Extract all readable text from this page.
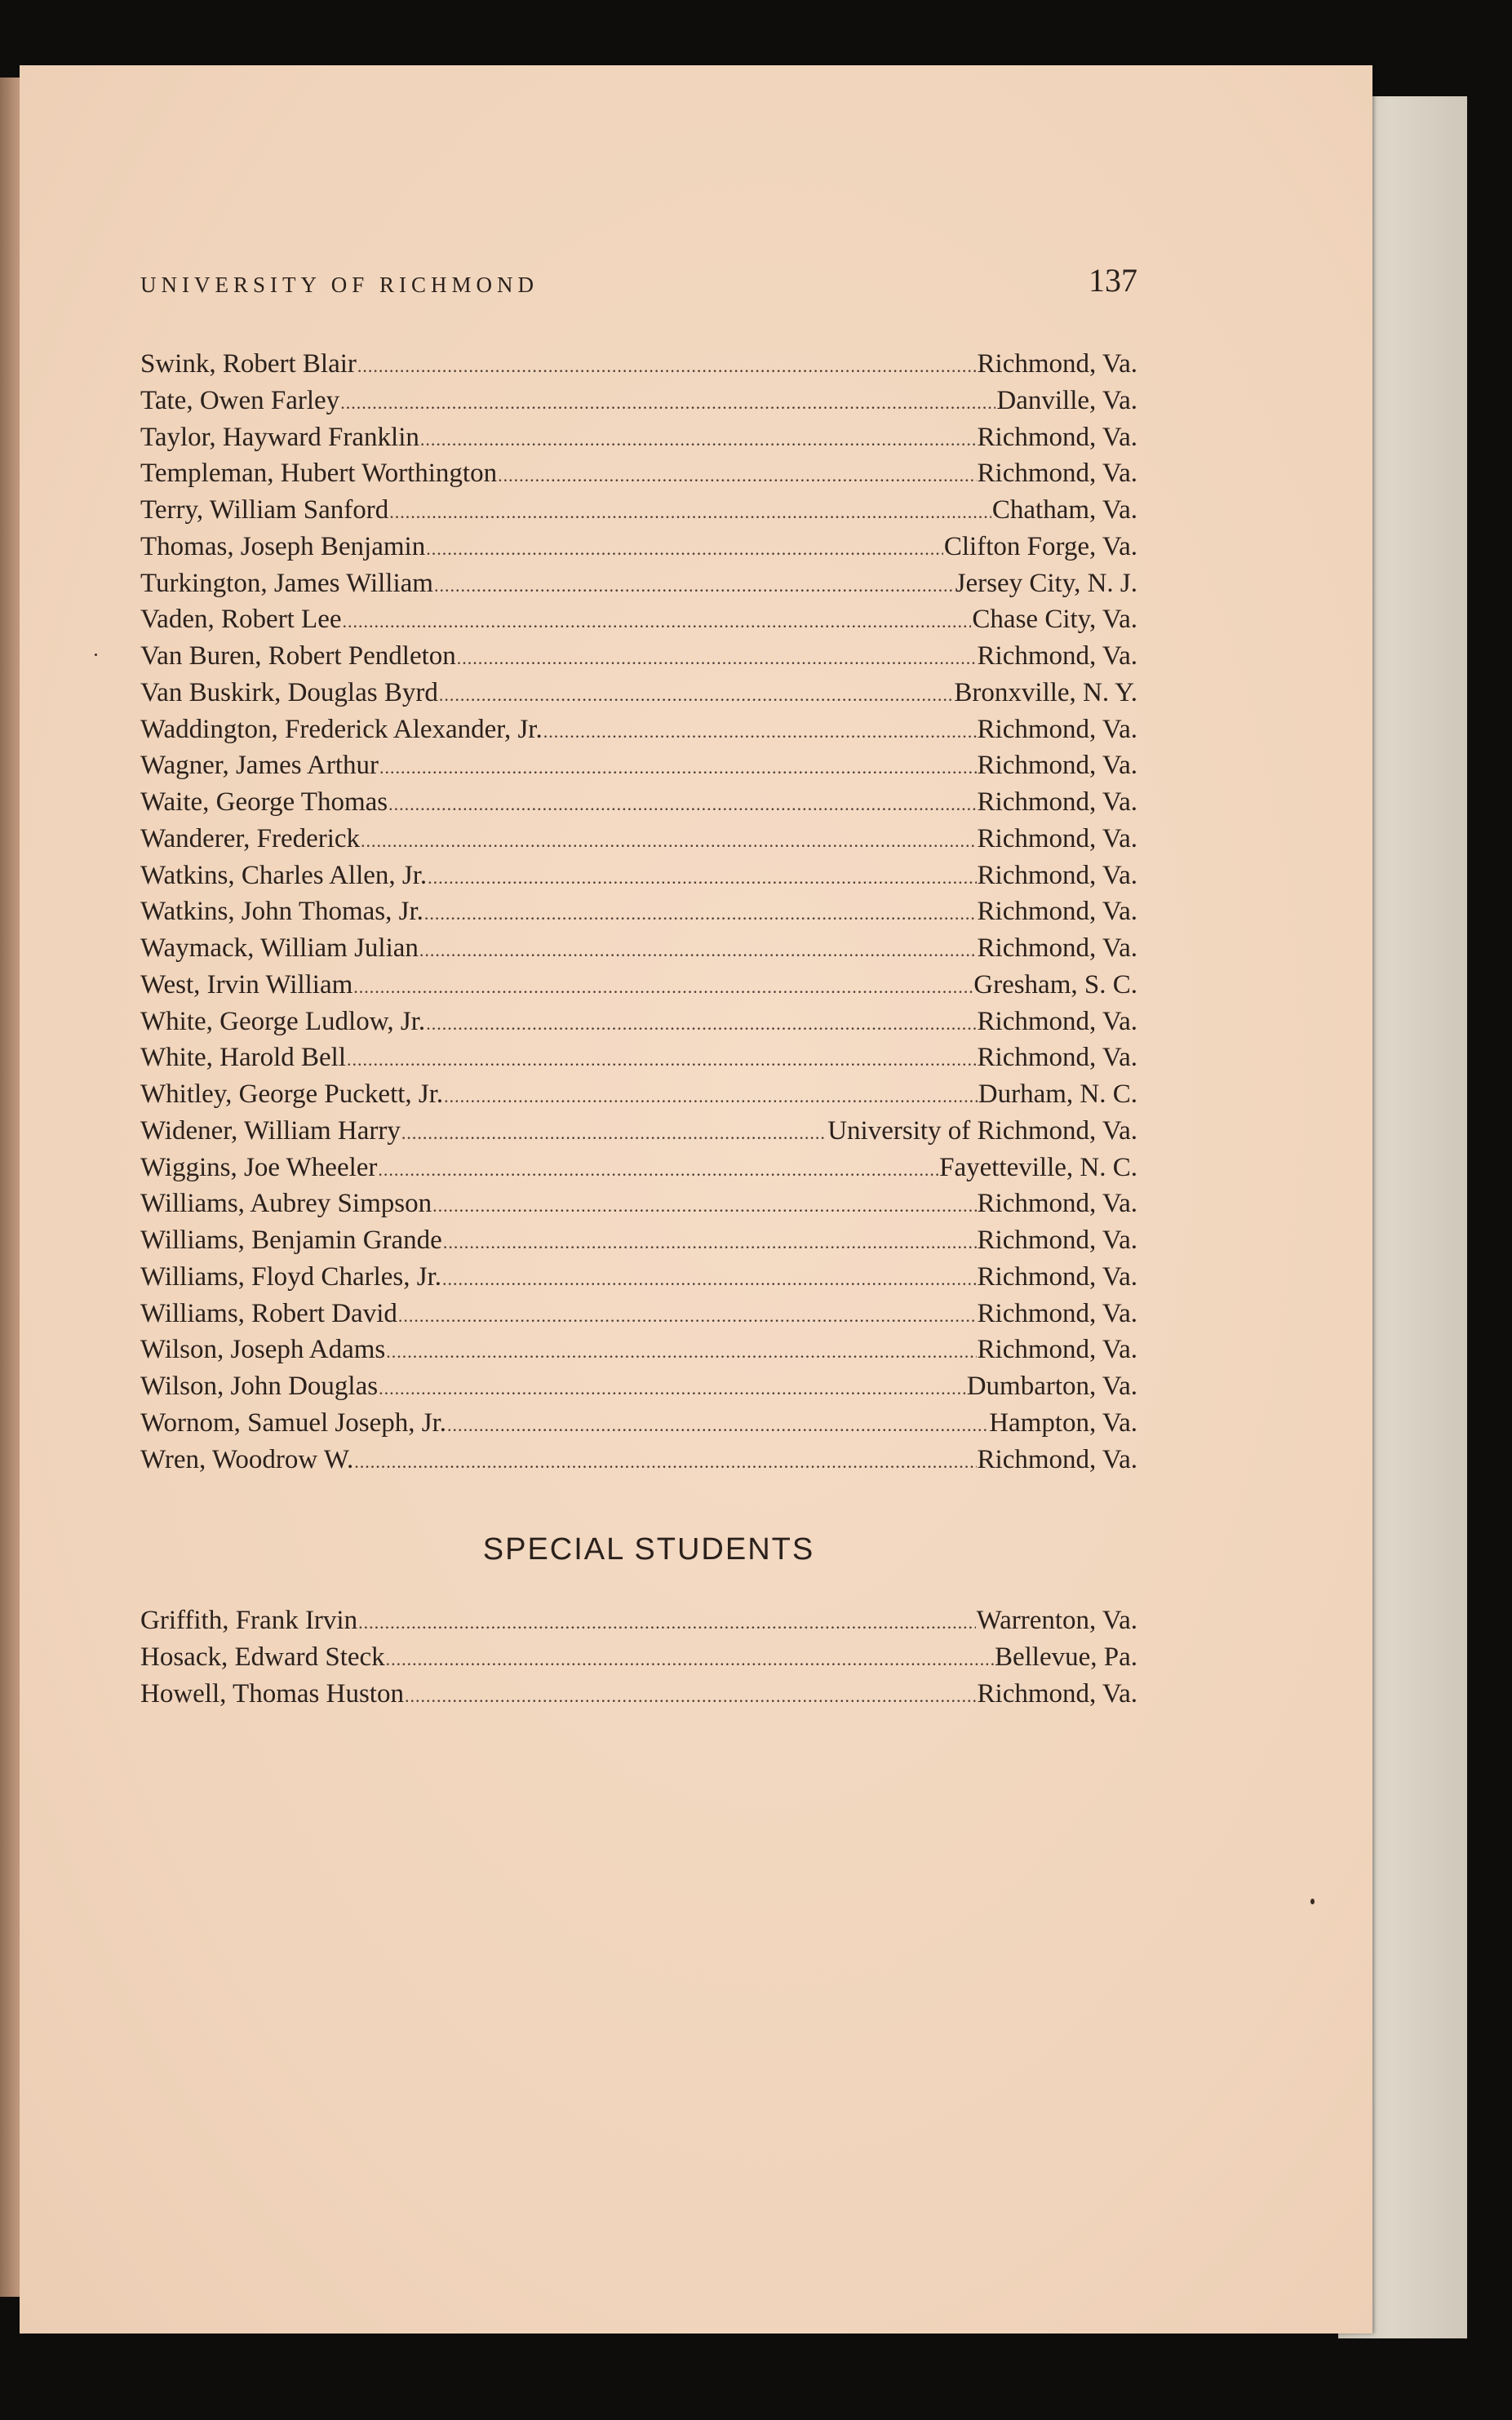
UNIVERSITY OF RICHMOND	137
Swink, Robert Blair .....	Richmond, Va.
Tate, Owen Farley .....	Danville, Va.
Taylor, Hayward Franklin .....	Richmond, Va.
Templeman, Hubert Worthington .....	Richmond, Va.
Terry, William Sanford .....	Chatham, Va.
Thomas, Joseph Benjamin .....	Clifton Forge, Va.
Turkington, James William .....	Jersey City, N. J.
Vaden, Robert Lee .....	Chase City, Va.
Van Buren, Robert Pendleton .....	Richmond, Va.
Van Buskirk, Douglas Byrd .....	Bronxville, N. Y.
Waddington, Frederick Alexander, Jr. .....	Richmond, Va.
Wagner, James Arthur .....	Richmond, Va.
Waite, George Thomas .....	Richmond, Va.
Wanderer, Frederick .....	Richmond, Va.
Watkins, Charles Allen, Jr. .....	Richmond, Va.
Watkins, John Thomas, Jr. .....	Richmond, Va.
Waymack, William Julian .....	Richmond, Va.
West, Irvin William .....	Gresham, S. C.
White, George Ludlow, Jr. .....	Richmond, Va.
White, Harold Bell .....	Richmond, Va.
Whitley, George Puckett, Jr. .....	Durham, N. C.
Widener, William Harry .....	University of Richmond, Va.
Wiggins, Joe Wheeler .....	Fayetteville, N. C.
Williams, Aubrey Simpson .....	Richmond, Va.
Williams, Benjamin Grande .....	Richmond, Va.
Williams, Floyd Charles, Jr. .....	Richmond, Va.
Williams, Robert David .....	Richmond, Va.
Wilson, Joseph Adams .....	Richmond, Va.
Wilson, John Douglas .....	Dumbarton, Va.
Wornom, Samuel Joseph, Jr. .....	Hampton, Va.
Wren, Woodrow W. .....	Richmond, Va.
SPECIAL STUDENTS
Griffith, Frank Irvin .....	Warrenton, Va.
Hosack, Edward Steck .....	Bellevue, Pa.
Howell, Thomas Huston .....	Richmond, Va.
